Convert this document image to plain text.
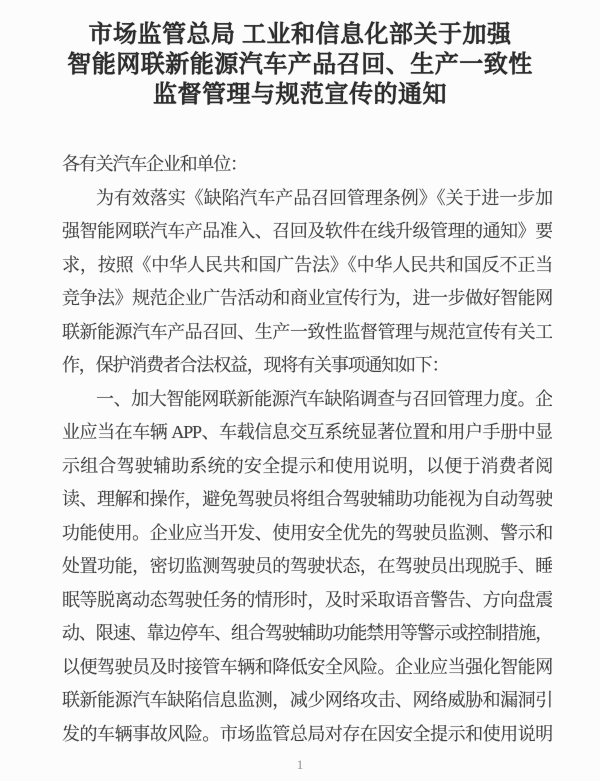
市场监管总局 工业和信息化部关于加强
智能网联新能源汽车产品召回、生产一致性
监督管理与规范宣传的通知
各有关汽车企业和单位：
为有效落实《缺陷汽车产品召回管理条例》《关于进一步加
强智能网联汽车产品准入、召回及软件在线升级管理的通知》要
求，按照《中华人民共和国广告法》《中华人民共和国反不正当
竞争法》规范企业广告活动和商业宣传行为，进一步做好智能网
联新能源汽车产品召回、生产一致性监督管理与规范宣传有关工
作，保护消费者合法权益，现将有关事项通知如下：
一、加大智能网联新能源汽车缺陷调查与召回管理力度。企
业应当在车辆 APP、车载信息交互系统显著位置和用户手册中显
示组合驾驶辅助系统的安全提示和使用说明，以便于消费者阅
读、理解和操作，避免驾驶员将组合驾驶辅助功能视为自动驾驶
功能使用。企业应当开发、使用安全优先的驾驶员监测、警示和
处置功能，密切监测驾驶员的驾驶状态，在驾驶员出现脱手、睡
眠等脱离动态驾驶任务的情形时，及时采取语音警告、方向盘震
动、限速、靠边停车、组合驾驶辅助功能禁用等警示或控制措施，
以便驾驶员及时接管车辆和降低安全风险。企业应当强化智能网
联新能源汽车缺陷信息监测，减少网络攻击、网络威胁和漏洞引
发的车辆事故风险。市场监管总局对存在因安全提示和使用说明
1
